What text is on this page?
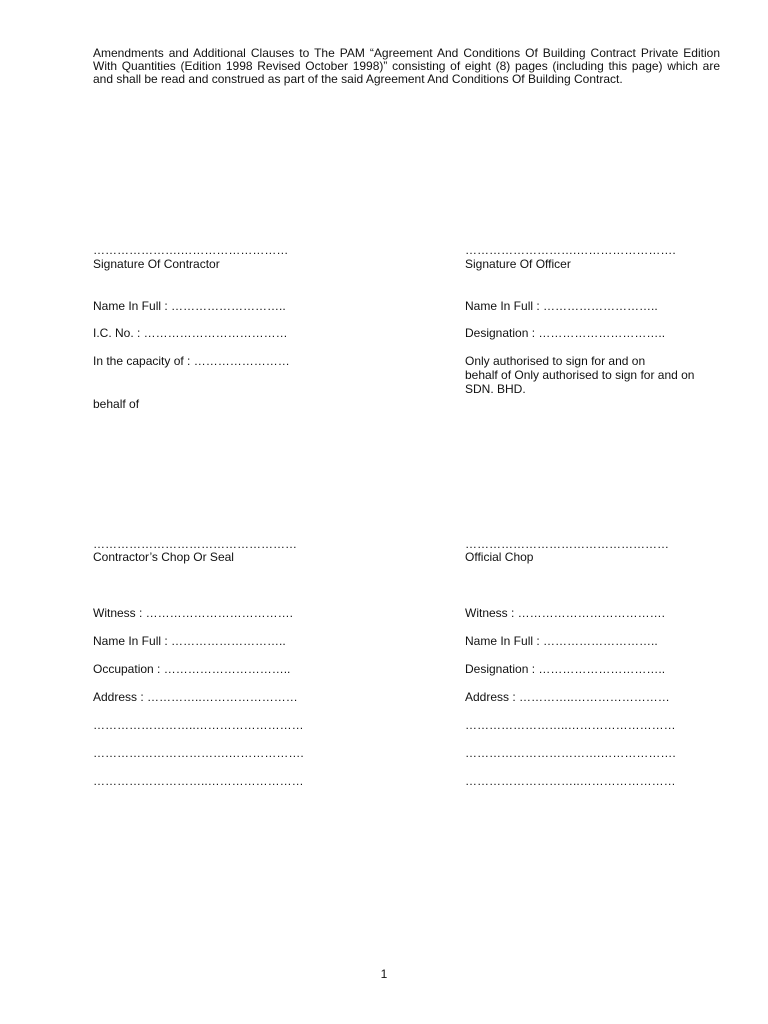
Amendments and Additional Clauses to The PAM “Agreement And Conditions Of Building Contract Private Edition With Quantities (Edition 1998 Revised October 1998)” consisting of eight (8) pages (including this page) which are and shall be read and construed as part of the said Agreement And Conditions Of Building Contract.
………………….………………………
Signature Of Contractor
Name In Full : ………………………..
I.C. No. : ………………………………
In the capacity of : ……………………
behalf of
……………………………………………
Contractor’s Chop Or Seal
Witness : ……………………………….
Name In Full : ………………………..
Occupation : …………………………..
Address : …………..……………………
……………………..………………………
…………………………….……………….
………………………..……………………
……………………….…………………….
Signature Of Officer
Name In Full : ………………………..
Designation : …………………………..
Only authorised to sign for and on
behalf of Only authorised to sign for and on
SDN. BHD.
……………………………………………
Official Chop
Witness : ……………………………….
Name In Full : ………………………..
Designation : …………………………..
Address : …………..……………………
……………………..………………………
…………………………….……………….
………………………..……………………
1
